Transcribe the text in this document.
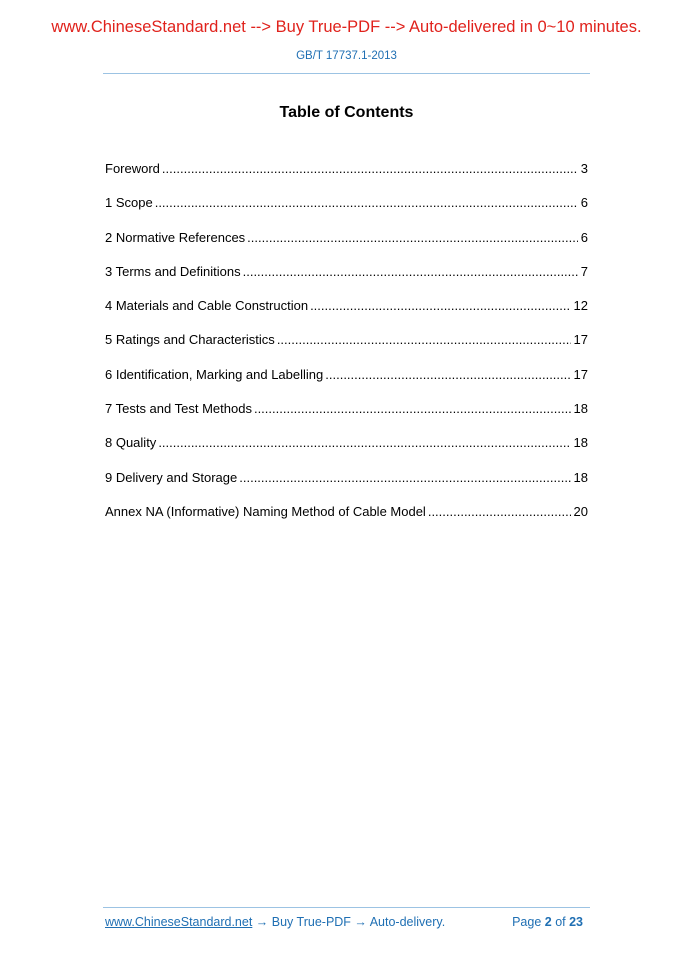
www.ChineseStandard.net --> Buy True-PDF --> Auto-delivered in 0~10 minutes.
GB/T 17737.1-2013
Table of Contents
Foreword .....	3
1 Scope .....	6
2 Normative References .....	6
3 Terms and Definitions .....	7
4 Materials and Cable Construction .....	12
5 Ratings and Characteristics .....	17
6 Identification, Marking and Labelling .....	17
7 Tests and Test Methods .....	18
8 Quality .....	18
9 Delivery and Storage .....	18
Annex NA (Informative) Naming Method of Cable Model .....	20
www.ChineseStandard.net → Buy True-PDF → Auto-delivery.	Page 2 of 23
